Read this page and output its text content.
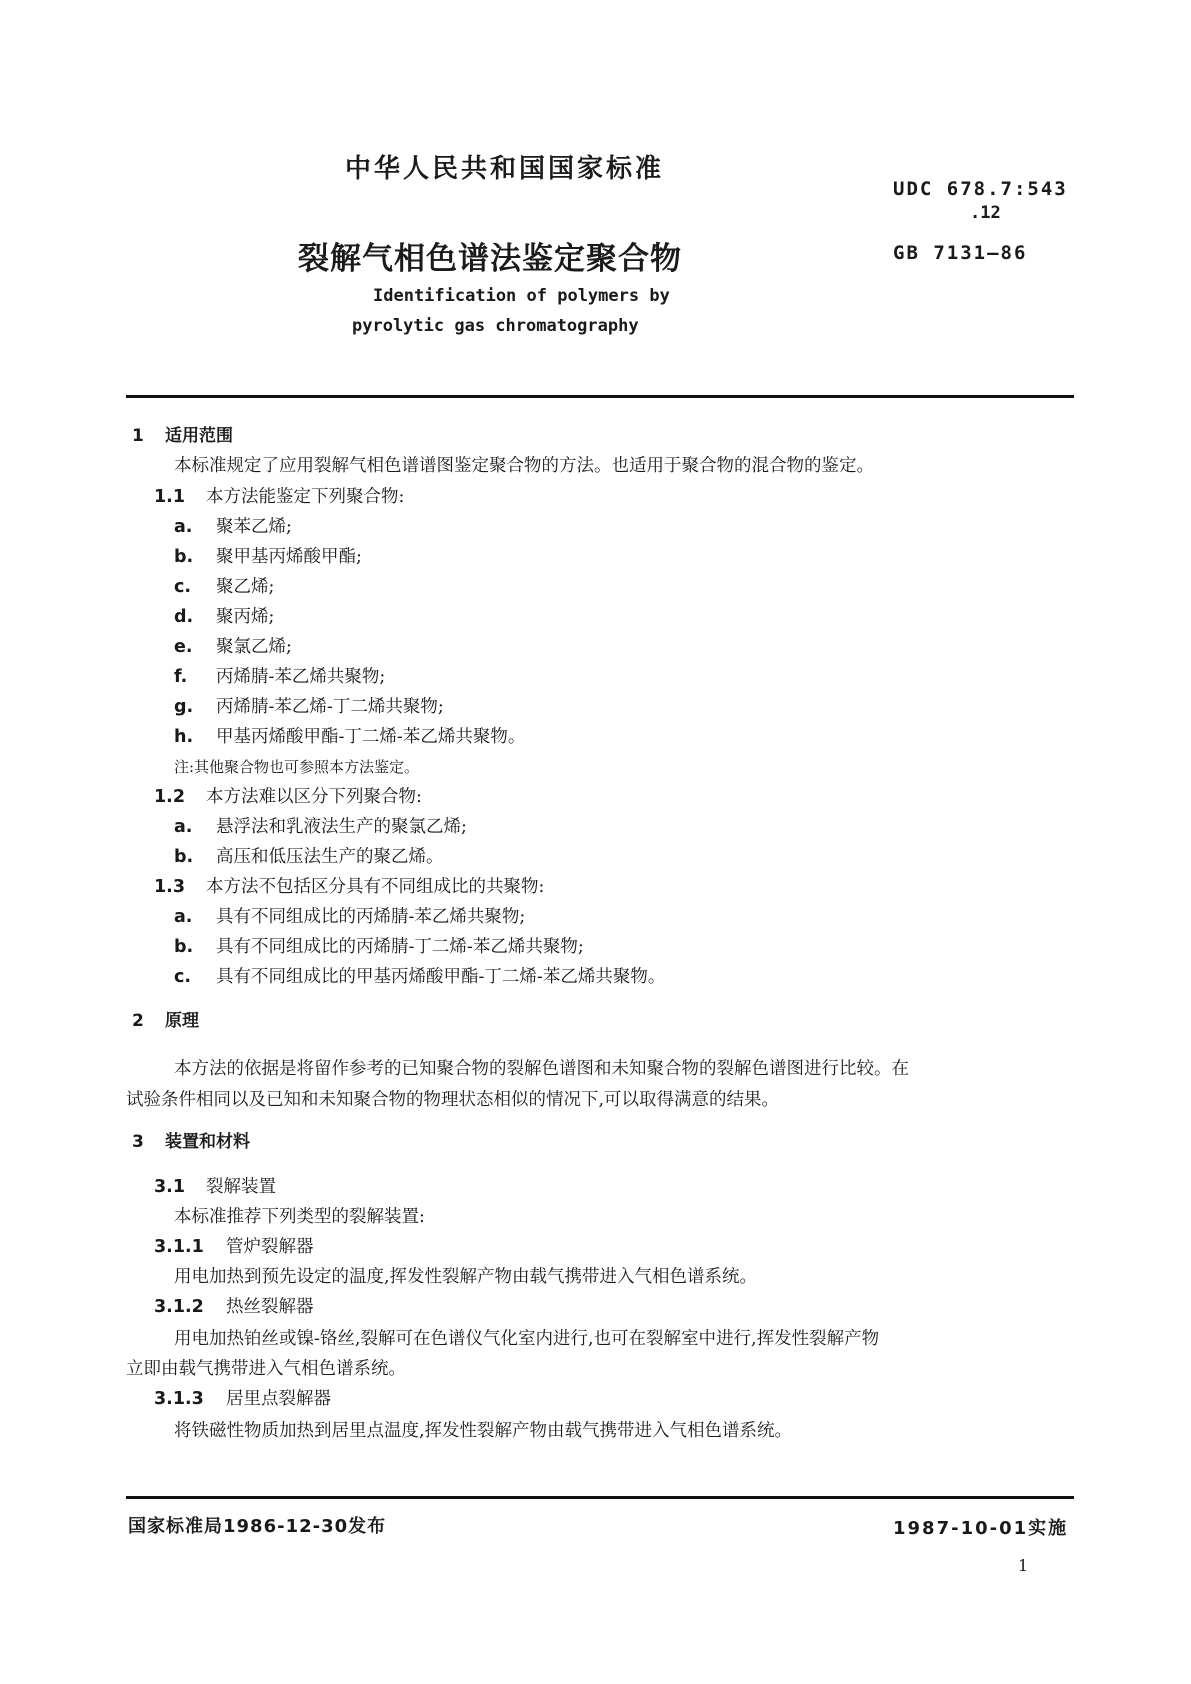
中华人民共和国国家标准
UDC 678.7:543
.12
裂解气相色谱法鉴定聚合物	GB 7131—86
Identification of polymers by
pyrolytic gas chromatography
1 适用范围
本标准规定了应用裂解气相色谱谱图鉴定聚合物的方法。也适用于聚合物的混合物的鉴定。
1.1 本方法能鉴定下列聚合物:
a. 聚苯乙烯;
b. 聚甲基丙烯酸甲酯;
c. 聚乙烯;
d. 聚丙烯;
e. 聚氯乙烯;
f. 丙烯腈-苯乙烯共聚物;
g. 丙烯腈-苯乙烯-丁二烯共聚物;
h. 甲基丙烯酸甲酯-丁二烯-苯乙烯共聚物。
注:其他聚合物也可参照本方法鉴定。
1.2 本方法难以区分下列聚合物:
a. 悬浮法和乳液法生产的聚氯乙烯;
b. 高压和低压法生产的聚乙烯。
1.3 本方法不包括区分具有不同组成比的共聚物:
a. 具有不同组成比的丙烯腈-苯乙烯共聚物;
b. 具有不同组成比的丙烯腈-丁二烯-苯乙烯共聚物;
c. 具有不同组成比的甲基丙烯酸甲酯-丁二烯-苯乙烯共聚物。
2 原理
本方法的依据是将留作参考的已知聚合物的裂解色谱图和未知聚合物的裂解色谱图进行比较。在
试验条件相同以及已知和未知聚合物的物理状态相似的情况下,可以取得满意的结果。
3 装置和材料
3.1 裂解装置
本标准推荐下列类型的裂解装置:
3.1.1 管炉裂解器
用电加热到预先设定的温度,挥发性裂解产物由载气携带进入气相色谱系统。
3.1.2 热丝裂解器
用电加热铂丝或镍-铬丝,裂解可在色谱仪气化室内进行,也可在裂解室中进行,挥发性裂解产物
立即由载气携带进入气相色谱系统。
3.1.3 居里点裂解器
将铁磁性物质加热到居里点温度,挥发性裂解产物由载气携带进入气相色谱系统。
国家标准局1986-12-30发布	1987-10-01实施
1
